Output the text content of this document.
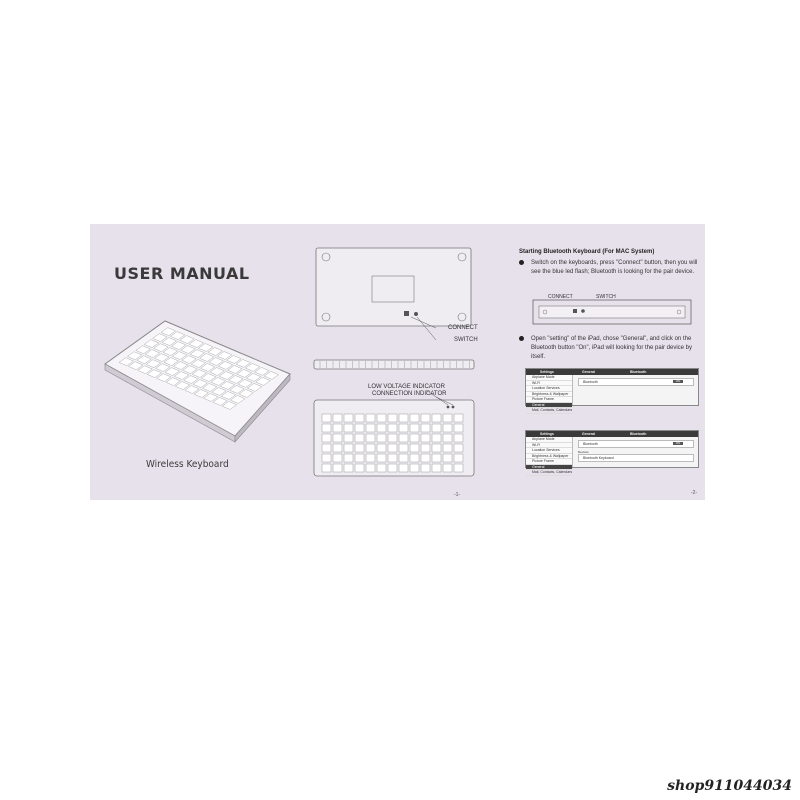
USER MANUAL
Wireless Keyboard
CONNECT
SWITCH
LOW VOLTAGE INDICATOR
CONNECTION INDICATOR
-1-
Starting Bluetooth Keyboard (For MAC System)
Switch on the keyboards, press "Connect" button, then you will see the blue led flash; Bluetooth is looking for the pair device.
CONNECT	SWITCH
Open "setting" of the iPad, chose "General", and click on the Bluetooth button "On", iPad will looking for the pair device by itself.
Settings	General	Bluetooth
Airplane Mode
Wi-Fi
Location Services
Brightness & Wallpaper
Picture Frame
General
Mail, Contacts, Calendars
Bluetooth	ON
Settings	General	Bluetooth
Airplane Mode
Wi-Fi
Location Services
Brightness & Wallpaper
Picture Frame
General
Mail, Contacts, Calendars
Bluetooth	ON
Devices
Bluetooth Keyboard
-2-
shop911044034
